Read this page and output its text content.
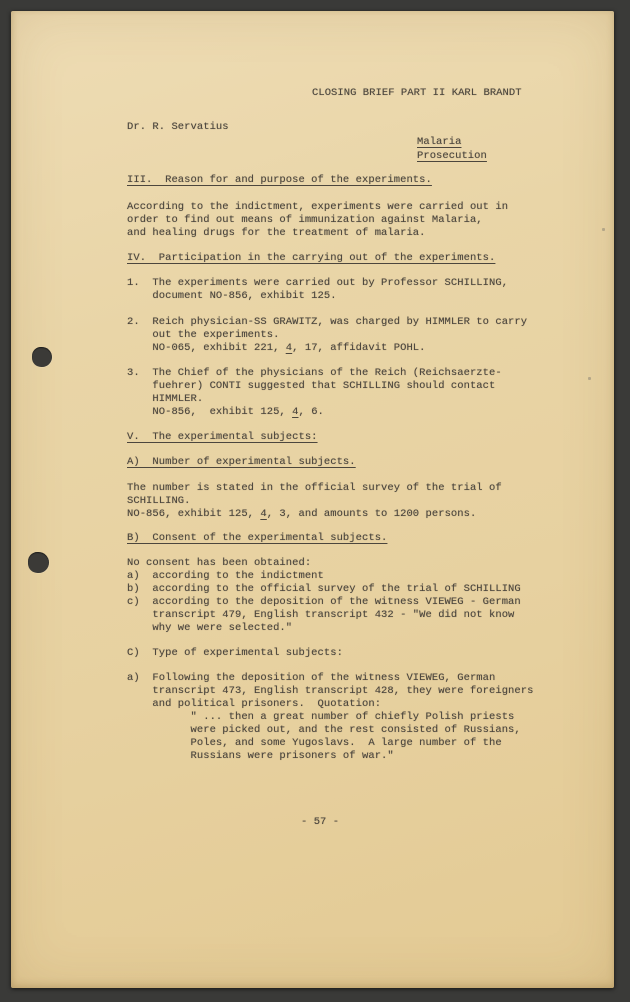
CLOSING BRIEF PART II KARL BRANDT
Dr. R. Servatius
Malaria
Prosecution
III.  Reason for and purpose of the experiments.
According to the indictment, experiments were carried out in
order to find out means of immunization against Malaria,
and healing drugs for the treatment of malaria.
IV.  Participation in the carrying out of the experiments.
1.  The experiments were carried out by Professor SCHILLING,
document NO-856, exhibit 125.
2.  Reich physician-SS GRAWITZ, was charged by HIMMLER to carry
out the experiments.
NO-065, exhibit 221, 4, 17, affidavit POHL.
3.  The Chief of the physicians of the Reich (Reichsaerzte-
fuehrer) CONTI suggested that SCHILLING should contact
HIMMLER.
NO-856,  exhibit 125, 4, 6.
V.  The experimental subjects:
A)  Number of experimental subjects.
The number is stated in the official survey of the trial of
SCHILLING.
NO-856, exhibit 125, 4, 3, and amounts to 1200 persons.
B)  Consent of the experimental subjects.
No consent has been obtained:
a)  according to the indictment
b)  according to the official survey of the trial of SCHILLING
c)  according to the deposition of the witness VIEWEG - German
transcript 479, English transcript 432 - "We did not know
why we were selected."
C)  Type of experimental subjects:
a)  Following the deposition of the witness VIEWEG, German
transcript 473, English transcript 428, they were foreigners
and political prisoners.  Quotation:
" ... then a great number of chiefly Polish priests
were picked out, and the rest consisted of Russians,
Poles, and some Yugoslavs.  A large number of the
Russians were prisoners of war."
- 57 -
